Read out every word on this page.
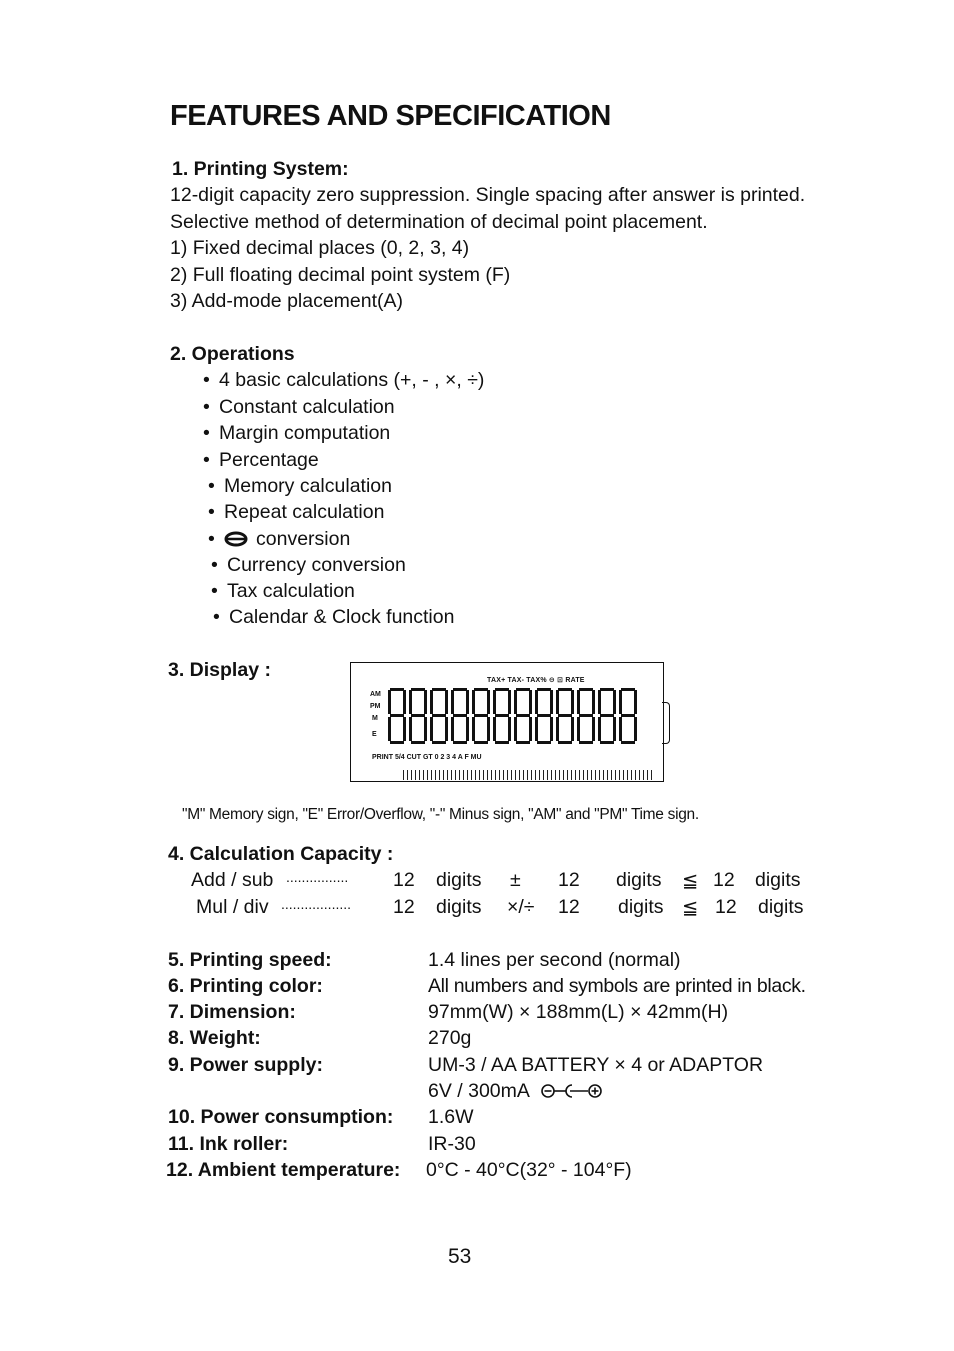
FEATURES AND SPECIFICATION
1. Printing System:
12-digit capacity zero suppression. Single spacing after answer is printed.
Selective method of determination of decimal point placement.
1) Fixed decimal places (0, 2, 3, 4)
2) Full floating decimal point system (F)
3) Add-mode placement(A)
2. Operations
• 4 basic calculations (+, - , ×, ÷)
• Constant calculation
• Margin computation
• Percentage
• Memory calculation
• Repeat calculation
• conversion
• Currency conversion
• Tax calculation
• Calendar & Clock function
3. Display :	TAX+ TAX- TAX% ⊖ ⊡ RATE
AM
PM
M
E
PRINT 5/4 CUT GT 0 2 3 4 A F MU
"M" Memory sign, "E" Error/Overflow, "-" Minus sign, "AM" and "PM" Time sign.
4. Calculation Capacity :
Add / sub ................ 12 digits ± 12 digits ≦ 12 digits
Mul / div .................. 12 digits ×/÷ 12 digits ≦ 12 digits
5. Printing speed:	1.4 lines per second (normal)
6. Printing color:	All numbers and symbols are printed in black.
7. Dimension:	97mm(W) × 188mm(L) × 42mm(H)
8. Weight:	270g
9. Power supply:	UM-3 / AA BATTERY × 4 or ADAPTOR
6V / 300mA
10. Power consumption: 1.6W
11. Ink roller:	IR-30
12. Ambient temperature: 0°C - 40°C(32° - 104°F)
53
